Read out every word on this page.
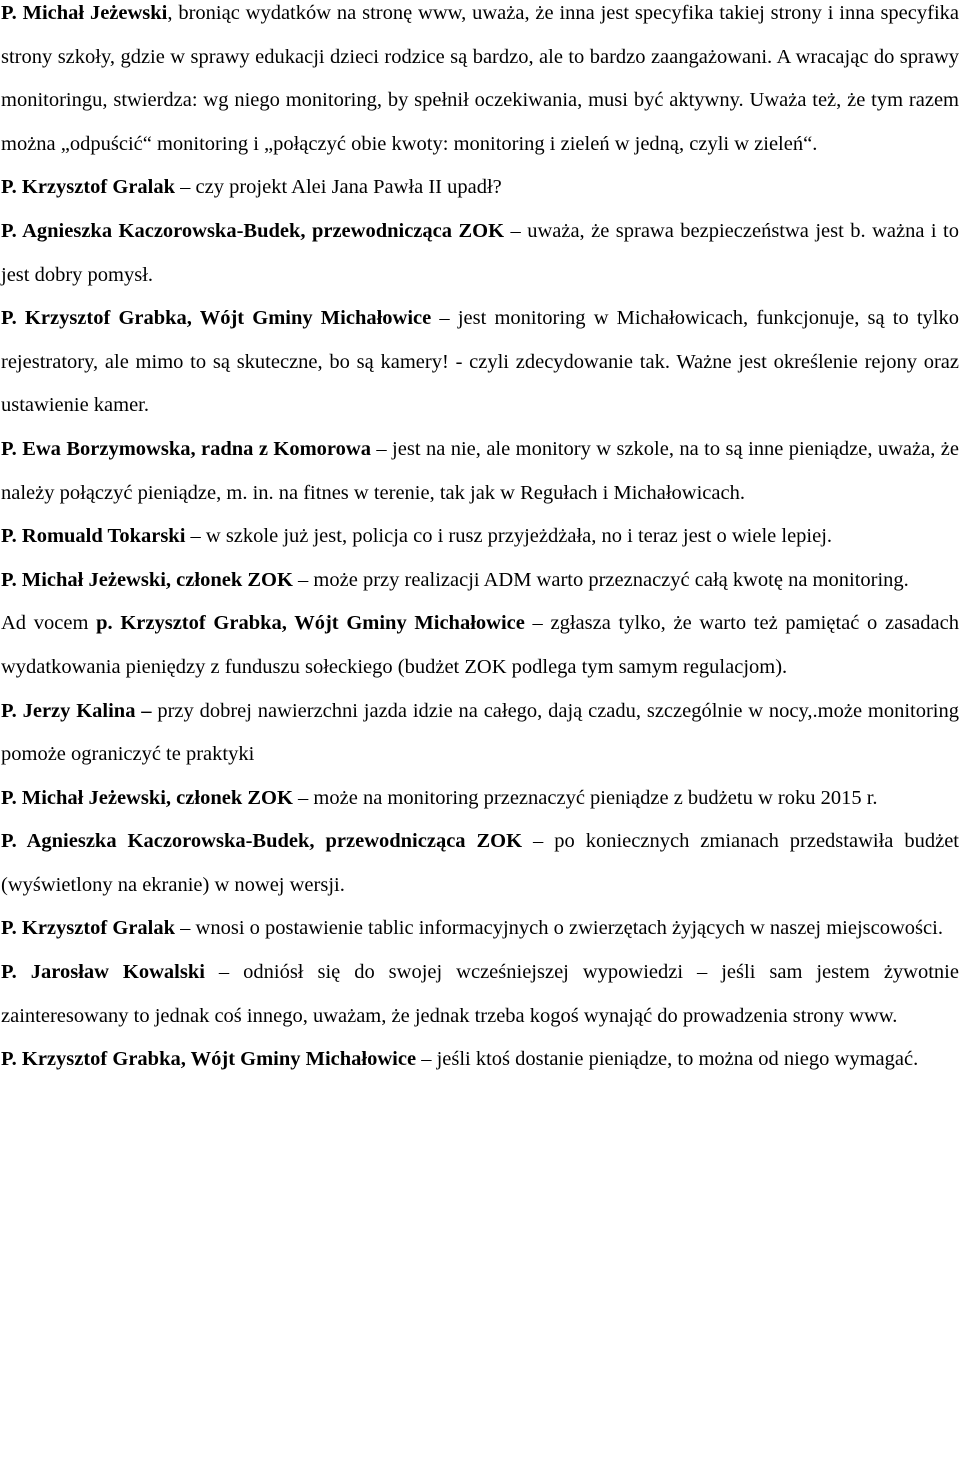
P. Michał Jeżewski, broniąc wydatków na stronę www, uważa, że inna jest specyfika takiej strony i inna specyfika strony szkoły, gdzie w sprawy edukacji dzieci rodzice są bardzo, ale to bardzo zaangażowani. A wracając do sprawy monitoringu, stwierdza: wg niego monitoring, by spełnił oczekiwania, musi być aktywny. Uważa też, że tym razem można „odpuścić“ monitoring i „połączyć obie kwoty: monitoring i zieleń w jedną, czyli w zieleń“.

P. Krzysztof Gralak – czy projekt Alei Jana Pawła II upadł?

P. Agnieszka Kaczorowska-Budek, przewodnicząca ZOK – uważa, że sprawa bezpieczeństwa jest b. ważna i to jest dobry pomysł.

P. Krzysztof Grabka, Wójt Gminy Michałowice – jest monitoring w Michałowicach, funkcjonuje, są to tylko rejestratory, ale mimo to są skuteczne, bo są kamery! - czyli zdecydowanie tak. Ważne jest określenie rejony oraz ustawienie kamer.

P. Ewa Borzymowska, radna z Komorowa – jest na nie, ale monitory w szkole, na to są inne pieniądze, uważa, że należy połączyć pieniądze, m. in. na fitnes w terenie, tak jak w Regułach i Michałowicach.

P. Romuald Tokarski – w szkole już jest, policja co i rusz przyjeżdżała, no i teraz jest o wiele lepiej.

P. Michał Jeżewski, członek ZOK – może przy realizacji ADM warto przeznaczyć całą kwotę na monitoring.

Ad vocem p. Krzysztof Grabka, Wójt Gminy Michałowice – zgłasza tylko, że warto też pamiętać o zasadach wydatkowania pieniędzy z funduszu sołeckiego (budżet ZOK podlega tym samym regulacjom).

P. Jerzy Kalina – przy dobrej nawierzchni jazda idzie na całego, dają czadu, szczególnie w nocy,.może monitoring pomoże ograniczyć te praktyki

P. Michał Jeżewski, członek ZOK – może na monitoring przeznaczyć pieniądze z budżetu w roku 2015 r.

P. Agnieszka Kaczorowska-Budek, przewodnicząca ZOK – po koniecznych zmianach przedstawiła budżet (wyświetlony na ekranie) w nowej wersji.

P. Krzysztof Gralak – wnosi o postawienie tablic informacyjnych o zwierzętach żyjących w naszej miejscowości.

P. Jarosław Kowalski – odniósł się do swojej wcześniejszej wypowiedzi – jeśli sam jestem żywotnie zainteresowany to jednak coś innego, uważam, że jednak trzeba kogoś wynająć do prowadzenia strony www.

P. Krzysztof Grabka, Wójt Gminy Michałowice – jeśli ktoś dostanie pieniądze, to można od niego wymagać.
